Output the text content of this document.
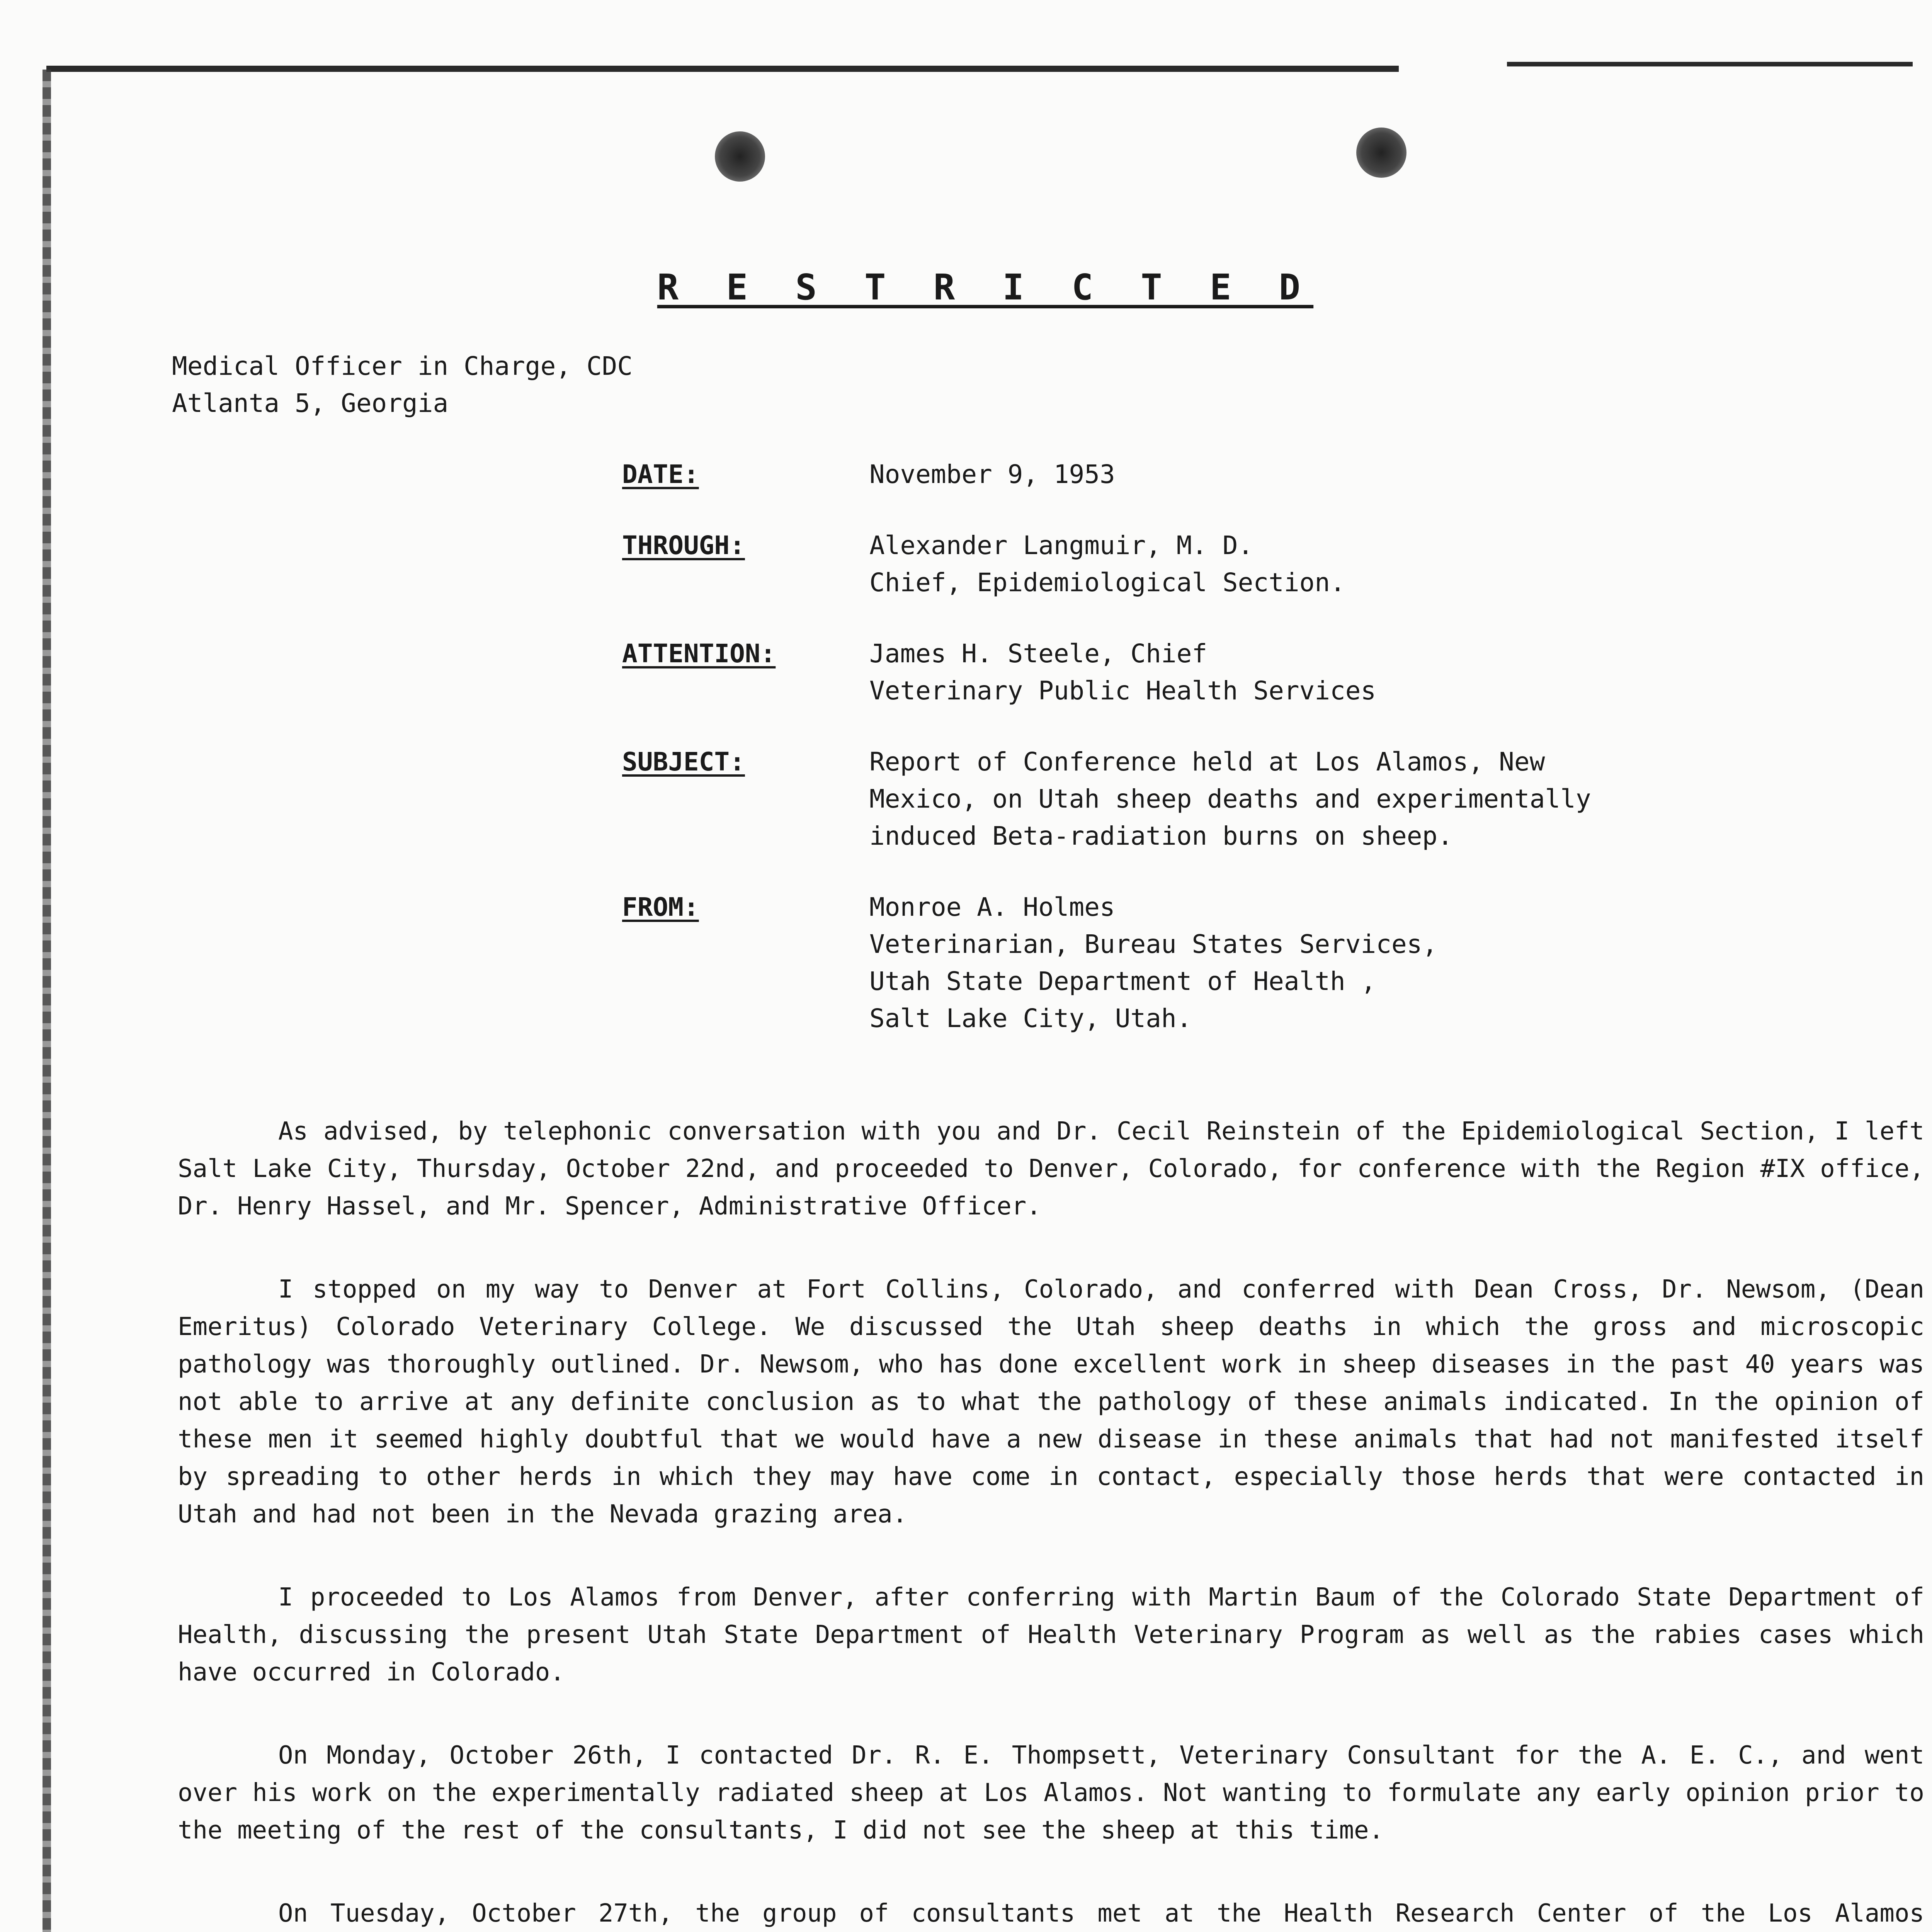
R E S T R I C T E D
Medical Officer in Charge, CDC
Atlanta 5, Georgia
DATE:	November 9, 1953
THROUGH:	Alexander Langmuir, M. D.
Chief, Epidemiological Section.
ATTENTION:	James H. Steele, Chief
Veterinary Public Health Services
SUBJECT:	Report of Conference held at Los Alamos, New
Mexico, on Utah sheep deaths and experimentally
induced Beta-radiation burns on sheep.
FROM:	Monroe A. Holmes
Veterinarian, Bureau States Services,
Utah State Department of Health ,
Salt Lake City, Utah.

As advised, by telephonic conversation with you and Dr. Cecil Reinstein of the Epidemiological Section, I left Salt Lake City, Thursday, October 22nd, and proceeded to Denver, Colorado, for conference with the Region #IX office, Dr. Henry Hassel, and Mr. Spencer, Administrative Officer.

I stopped on my way to Denver at Fort Collins, Colorado, and conferred with Dean Cross, Dr. Newsom, (Dean Emeritus) Colorado Veterinary College. We discussed the Utah sheep deaths in which the gross and microscopic pathology was thoroughly outlined. Dr. Newsom, who has done excellent work in sheep diseases in the past 40 years was not able to arrive at any definite conclusion as to what the pathology of these animals indicated. In the opinion of these men it seemed highly doubtful that we would have a new disease in these animals that had not manifested itself by spreading to other herds in which they may have come in contact, especially those herds that were contacted in Utah and had not been in the Nevada grazing area.

I proceeded to Los Alamos from Denver, after conferring with Martin Baum of the Colorado State Department of Health, discussing the present Utah State Department of Health Veterinary Program as well as the rabies cases which have occurred in Colorado.

On Monday, October 26th, I contacted Dr. R. E. Thompsett, Veterinary Consultant for the A. E. C., and went over his work on the experimentally radiated sheep at Los Alamos. Not wanting to formulate any early opinion prior to the meeting of the rest of the consultants, I did not see the sheep at this time.

On Tuesday, October 27th, the group of consultants met at the Health Research Center of the Los Alamos
